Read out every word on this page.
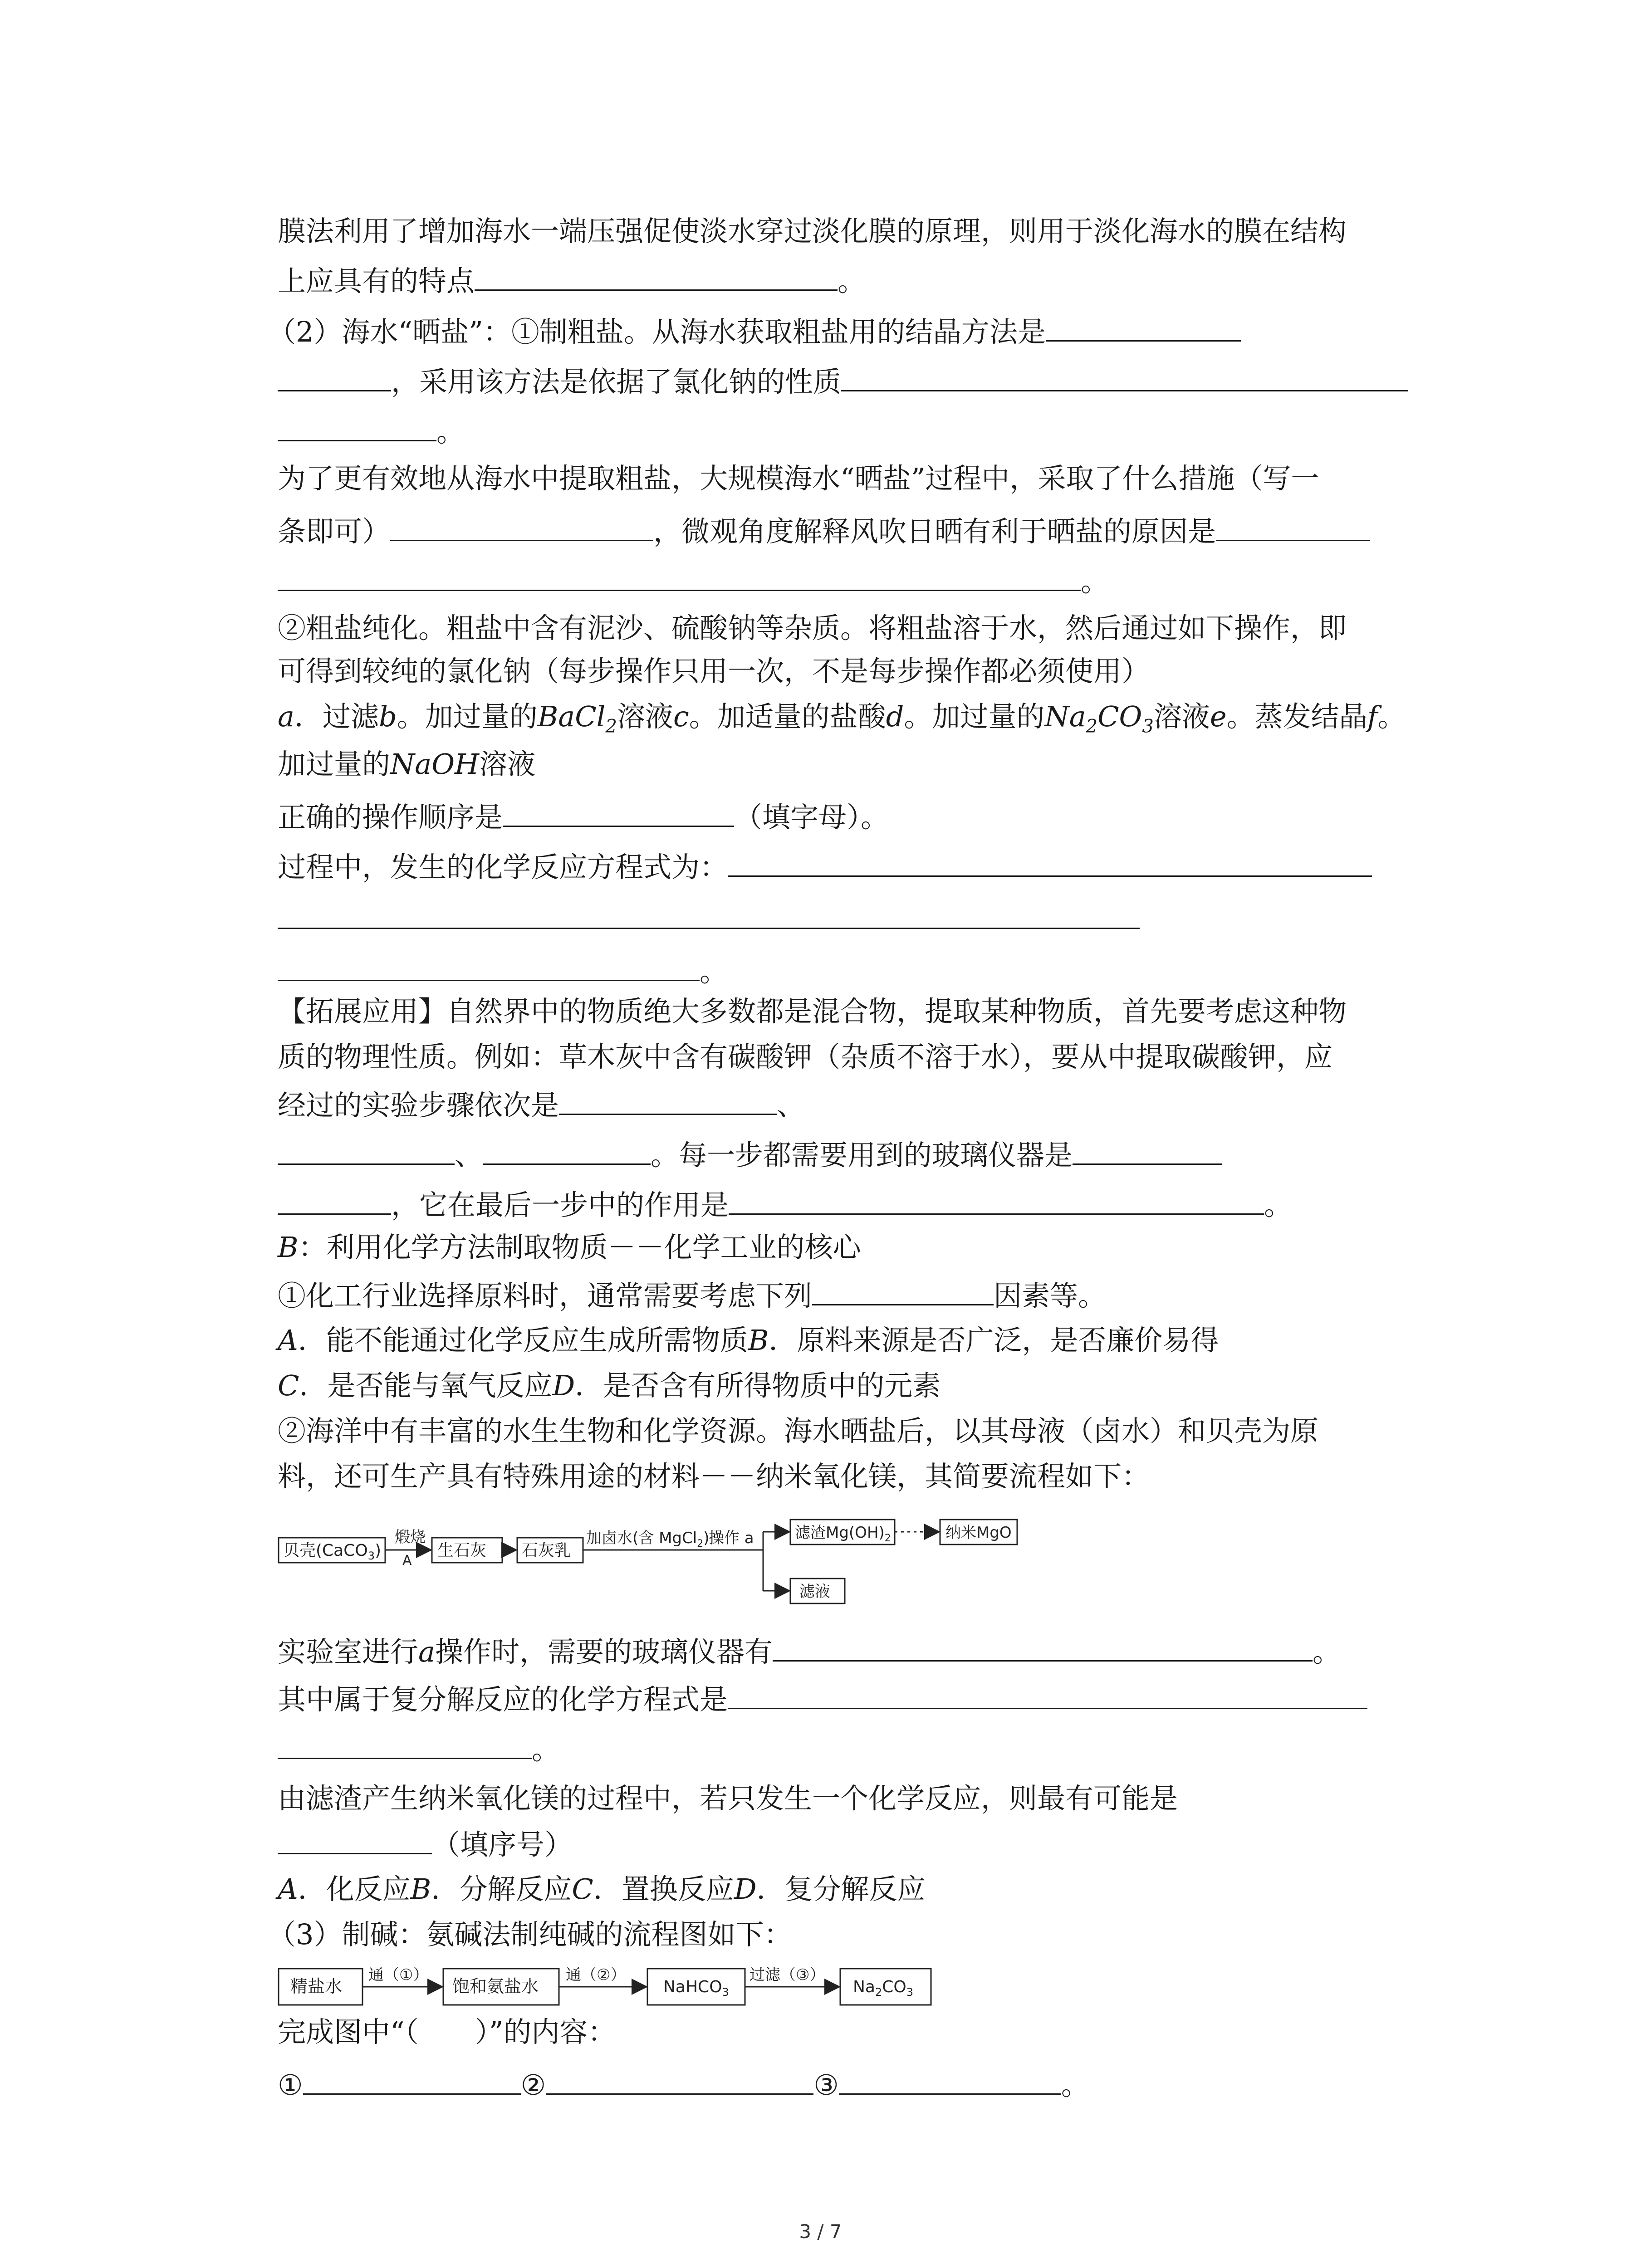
膜法利用了增加海水一端压强促使淡水穿过淡化膜的原理，则用于淡化海水的膜在结构
上应具有的特点	。
（2）海水“晒盐”：①制粗盐。从海水获取粗盐用的结晶方法是
，采用该方法是依据了氯化钠的性质
。
为了更有效地从海水中提取粗盐，大规模海水“晒盐”过程中，采取了什么措施（写一
条即可）	，微观角度解释风吹日晒有利于晒盐的原因是
。
②粗盐纯化。粗盐中含有泥沙、硫酸钠等杂质。将粗盐溶于水，然后通过如下操作，即
可得到较纯的氯化钠（每步操作只用一次，不是每步操作都必须使用）
a．过滤b。加过量的BaCl$_2$溶液c。加适量的盐酸d。加过量的$Na_2CO_3$溶液e。蒸发结晶f。
加过量的NaOH溶液
正确的操作顺序是	（填字母）。
过程中，发生的化学反应方程式为：
。
【拓展应用】自然界中的物质绝大多数都是混合物，提取某种物质，首先要考虑这种物
质的物理性质。例如：草木灰中含有碳酸钾（杂质不溶于水），要从中提取碳酸钾，应
经过的实验步骤依次是	、
、	。每一步都需要用到的玻璃仪器是
，它在最后一步中的作用是	。
B：利用化学方法制取物质－－化学工业的核心
①化工行业选择原料时，通常需要考虑下列	因素等。
A．能不能通过化学反应生成所需物质B．原料来源是否广泛，是否廉价易得
C．是否能与氧气反应D．是否含有所得物质中的元素
②海洋中有丰富的水生生物和化学资源。海水晒盐后，以其母液（卤水）和贝壳为原
料，还可生产具有特殊用途的材料－－纳米氧化镁，其简要流程如下：
贝壳(CaCO$_3$)
煅烧
A
生石灰 石灰乳
加卤水(含 MgCl$_2$)
操作 a	滤渣$Mg(OH)_2$	纳米MgO
滤液
实验室进行a操作时，需要的玻璃仪器有	。
其中属于复分解反应的化学方程式是
。
由滤渣产生纳米氧化镁的过程中，若只发生一个化学反应，则最有可能是
（填序号）
A．化反应B．分解反应C．置换反应D．复分解反应
（3）制碱：氨碱法制纯碱的流程图如下：
精盐水
通（①）
饱和氨盐水
通（②）
NaHCO$_3$
过滤（③）
$Na_2CO_3$
完成图中“（　　）”的内容：
①	②	③	。
3 / 7
